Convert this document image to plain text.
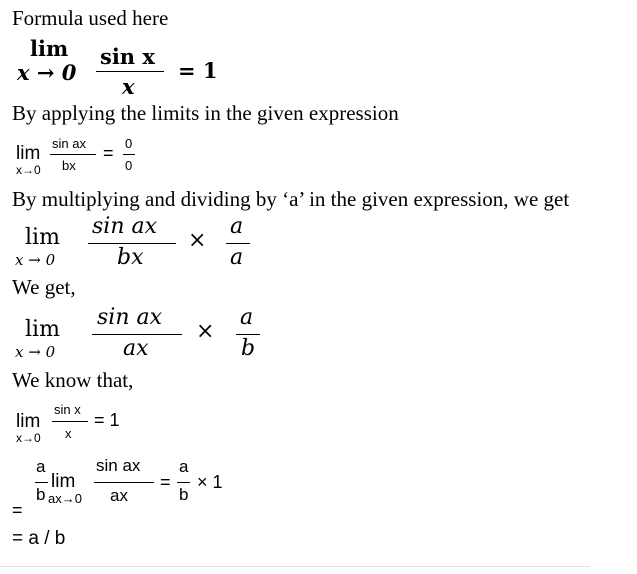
Formula used here
lim
x → 0
sin x
x
= 1
By applying the limits in the given expression
lim
x→0
sin ax
bx
= 0
0
By multiplying and dividing by ‘a’ in the given expression, we get
lim
x → 0
sin ax
bx
×
a
a
We get,
lim
x → 0
sin ax
ax
×
a
b
We know that,
lim
x→0
sin x
x
= 1
a
b
lim
ax→0
sin ax
ax
=
a
b
× 1
=
= a / b
